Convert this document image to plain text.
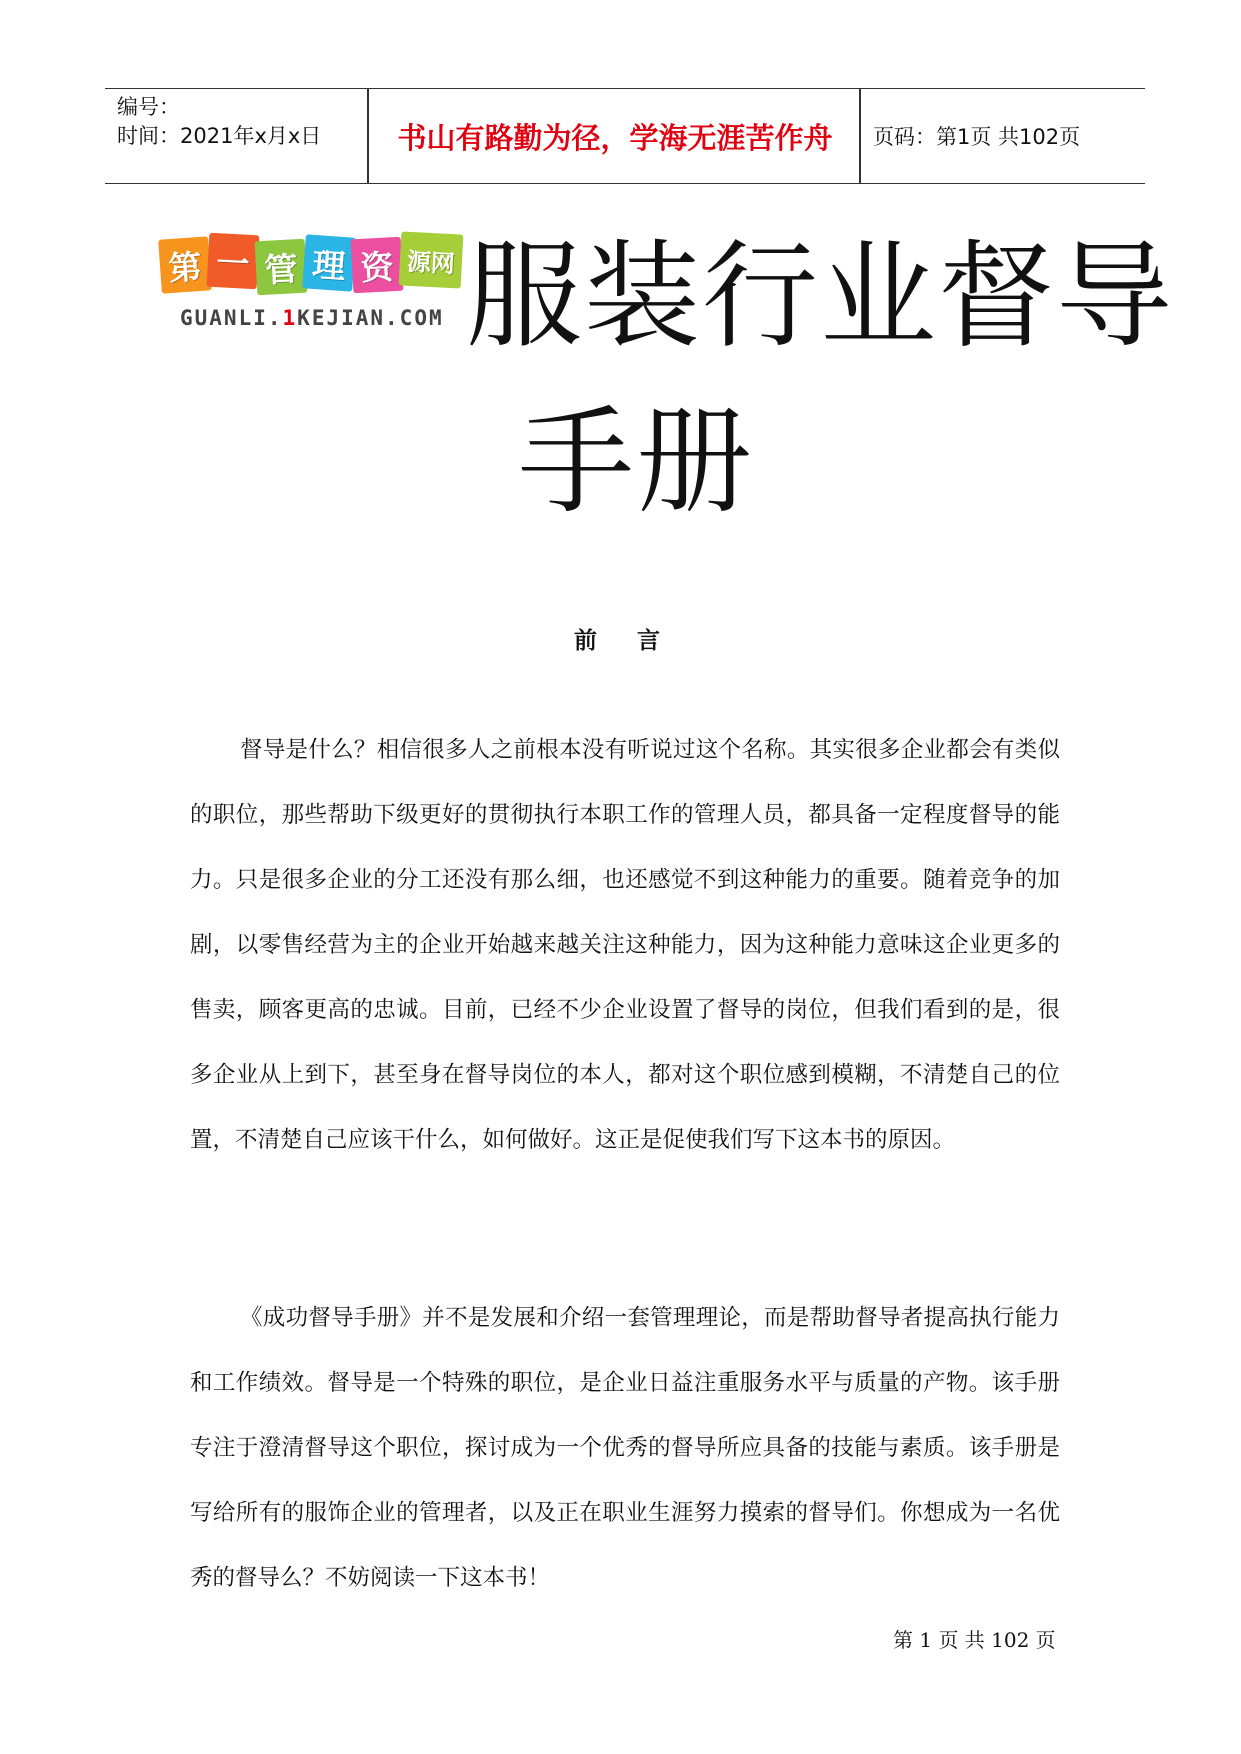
编号：
时间：2021年x月x日	书山有路勤为径，学海无涯苦作舟	页码：第1页 共102页
第 一 管 理 资 源网
GUANLI.1KEJIAN.COM 服装行业督导
手册
前言

督导是什么？相信很多人之前根本没有听说过这个名称。其实很多企业都会有类似的职位，那些帮助下级更好的贯彻执行本职工作的管理人员，都具备一定程度督导的能力。只是很多企业的分工还没有那么细，也还感觉不到这种能力的重要。随着竞争的加剧，以零售经营为主的企业开始越来越关注这种能力，因为这种能力意味这企业更多的售卖，顾客更高的忠诚。目前，已经不少企业设置了督导的岗位，但我们看到的是，很多企业从上到下，甚至身在督导岗位的本人，都对这个职位感到模糊，不清楚自己的位置，不清楚自己应该干什么，如何做好。这正是促使我们写下这本书的原因。

《成功督导手册》并不是发展和介绍一套管理理论，而是帮助督导者提高执行能力和工作绩效。督导是一个特殊的职位，是企业日益注重服务水平与质量的产物。该手册专注于澄清督导这个职位，探讨成为一个优秀的督导所应具备的技能与素质。该手册是写给所有的服饰企业的管理者，以及正在职业生涯努力摸索的督导们。你想成为一名优秀的督导么？不妨阅读一下这本书！

第 1 页 共 102 页
